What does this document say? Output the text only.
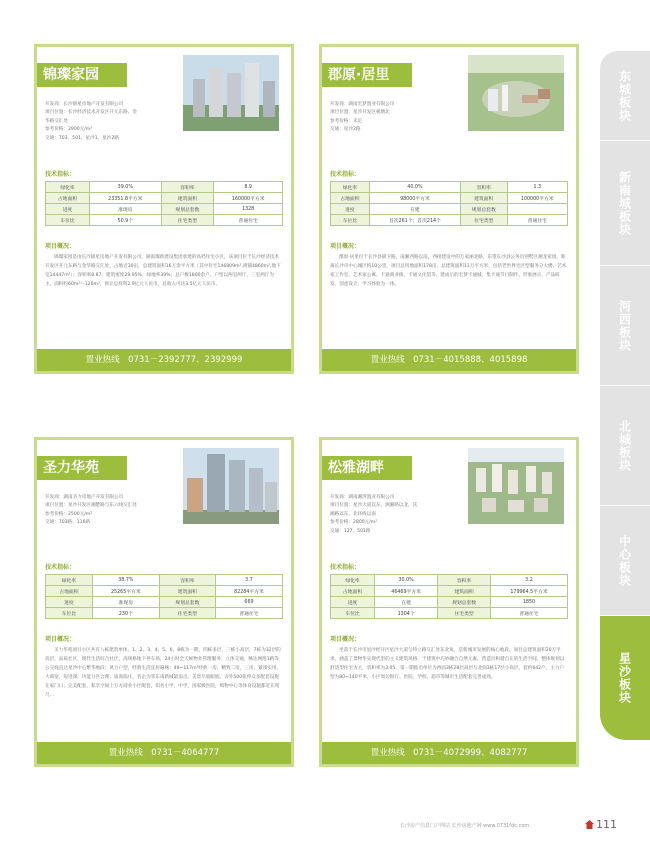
锦璨家园
开发商：长沙锦星房地产开发有限公司
项目位置：长沙经济技术开发区开元东路、金
华路交汇处
参考价格：2900元/m²
交通：703、501、星沙1、星沙2路
技术指标：
绿化率	39.0%	容积率	8.9
占地面积	23351.8平方米	建筑面积	160000平方米
进度	准现房	规划总套数	1328
车位比	50.9个	住宅类型	普通住宅
项目概况：
锦璨家园是由长沙锦星房地产开发有限公司、湖南璨新建设集团承建的高档住宅小区，该项目位于长沙经济技术开发区开元东路与金华路交汇处，占地近30亩，总建筑面积16万余平方米（其中住宅146809m²,商铺4860m²,地下室14447m²）；容积率8.87；建筑密度29.95%；绿地率39%；总户数1800余户。户型以两室两厅、三室两厅为主，面积约60m²～120m²，预计总投资2.9亿元人民币，总收入可达3.5亿元人民币。
置业热线　0731－2392777、2392999
郡原·居里
开发商：湖南宏梦置业有限公司
项目位置：星沙开发区板塘北
参考价格：未定
交通：星沙2路
技术指标：
绿化率	40.0%	容积率	1.3
占地面积	98000平方米	建筑面积	100000平方米
进度	在建	规划总套数	
车位比	首次261个；首次214个	住宅类型	普通住宅
项目概况：
郡原·居里位于长沙县锦卫路，南湘西路以南，西接建设中的万家丽北路，东望长沙县公务员别墅区湘龙家园，距离长沙市中心城区约10公里，项目总用地面积178亩，总建筑面积11万平方米，包括老世界宅区型服务分大楼、艺术家工作室、艺术家公寓、卡通商业街，卡通文化馆等，建成后的宏梦卡通城，集卡通节目制作、形象展示、产品研发、创意设计、学习体验为一体。
置业热线　0731－4015888、4015898
圣力华苑
开发商：湖南圣力房地产开发有限公司
项目位置：星沙开发区湘楚路与东六线交汇处
参考价格：2500元/m²
交通：703路、116路
技术指标：
绿化率	38.7%	容积率	3.7
占地面积	25265平方米	建筑面积	82284平方米
进度	准现房	规划总套数	669
车位比	230个	住宅类型	普通住宅
项目概况：
圣力华苑项目小区共有八栋建筑单体，1、2、3、4、5、6、8栋为一期，四栋多层，三栋小高层，7栋为32层的高层，品质社区，现代生活综合社区，高规格地下停车场，24小时全天候物业管理服务；立体交通，畅达网络1路等公交线直达星沙中心繁华地段；风力户型，经典生活宜居遍畅；49~117m²经典一房，精致二房，三房，紧凑实用，大商宽，短进深，功能分区合理；质商临斥，名企为邻东南新城最南点，美景尽收眼底。舍外500张停众多配套设施在家门口；完美配套，私享空间上万方商业小区配套，知名小学，中学，国家级医院，购物中心等体育设施都近在咫尺...
置业热线　0731－4064777
松雅湖畔
开发商：湖南湘湾置业有限公司
项目位置：星沙大道以东，漓湘路以北，沃
湘路以东，北环线以南
参考价格：2800元/m²
交通：127、501路
技术指标：
绿化率	30.0%	容积率	3.2
占地面积	46469平方米	建筑面积	179964.5平方米
进度	在建	规划总套数	1850
车位比	1304个	住宅类型	普通住宅
项目概况：
坐落于长沙市星沙经开区星沙大道与特立路交汇处东北角，是新城市发展的核心地段。项目总建筑面积20万平米，涵盖了景物华实现代型的主义建筑风格，于建筑中巧妙融合自然元素，营造出和谐自在的生活空间。整体规划以舒适型住宅为主，容积率为3.05，第一期推出单位为西面3栋28层高层与北面3栋17层小高层，套约642户，主力户型为80~140平米，小区周边银行、医院、学校、超市等城市生活配套完善成熟。
置业热线　0731－4072999、4082777
东城板块
新南城板块
河西板块
北城板块
中心板块
星沙板块
长沙房产信息门户网站 长沙房地产网 www.0731fdc.com	111
